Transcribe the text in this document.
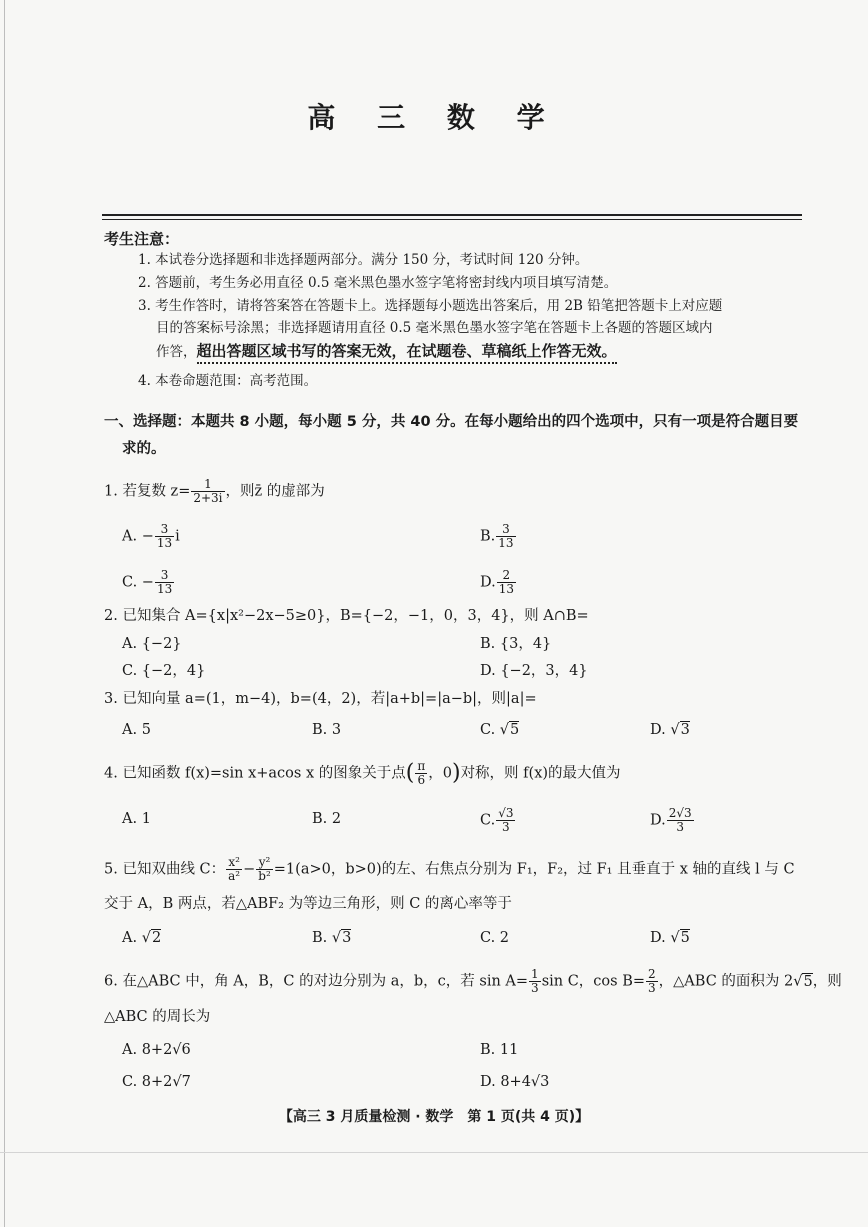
高 三 数 学
考生注意：
1. 本试卷分选择题和非选择题两部分。满分 150 分，考试时间 120 分钟。
2. 答题前，考生务必用直径 0.5 毫米黑色墨水签字笔将密封线内项目填写清楚。
3. 考生作答时，请将答案答在答题卡上。选择题每小题选出答案后，用 2B 铅笔把答题卡上对应题
目的答案标号涂黑；非选择题请用直径 0.5 毫米黑色墨水签字笔在答题卡上各题的答题区域内
作答，超出答题区域书写的答案无效，在试题卷、草稿纸上作答无效。
4. 本卷命题范围：高考范围。
一、选择题：本题共 8 小题，每小题 5 分，共 40 分。在每小题给出的四个选项中，只有一项是符合题目要
求的。
1. 若复数 $z= \frac{1}{2+3i}$ ，则z̄ 的虚部为
A. − $\frac{3}{13}$ i	B. $\frac{3}{13}$
C. − $\frac{3}{13}$	D. $\frac{2}{13}$
2. 已知集合 A={x|x²−2x−5≥0}，B={−2，−1，0，3，4}，则 A∩B=
A. {−2}	B. {3，4}
C. {−2，4}	D. {−2，3，4}
3. 已知向量 a=(1，m−4)，b=(4，2)，若|a+b|=|a−b|，则|a|=
A. 5	B. 3	C. √5	D. √3
4. 已知函数 f(x)=sin x+acos x 的图象关于点( $\frac{\pi}{6}$ ，0)对称，则 f(x)的最大值为
A. 1	B. 2	C. $\frac{√3}{3}$	D. $\frac{2√3}{3}$
5. 已知双曲线 C： $\frac{\text{x²}}{\text{a²}} - \frac{\text{y²}}{\text{b²}} =1(a>0$，b>0)的左、右焦点分别为 F₁，F₂，过 F₁ 且垂直于 x 轴的直线 l 与 C
交于 A，B 两点，若△ABF₂ 为等边三角形，则 C 的离心率等于
A. √2	B. √3	C. 2	D. √5
6. 在△ABC 中，角 A，B，C 的对边分别为 a，b，c，若 $\sin A= \frac{1}{3}$ sin C，$\cos B= \frac{2}{3}$ ，△ABC 的面积为 2√5，则
△ABC 的周长为
A. 8+2√6	B. 11
C. 8+2√7	D. 8+4√3
【高三 3 月质量检测 · 数学　第 1 页(共 4 页)】
